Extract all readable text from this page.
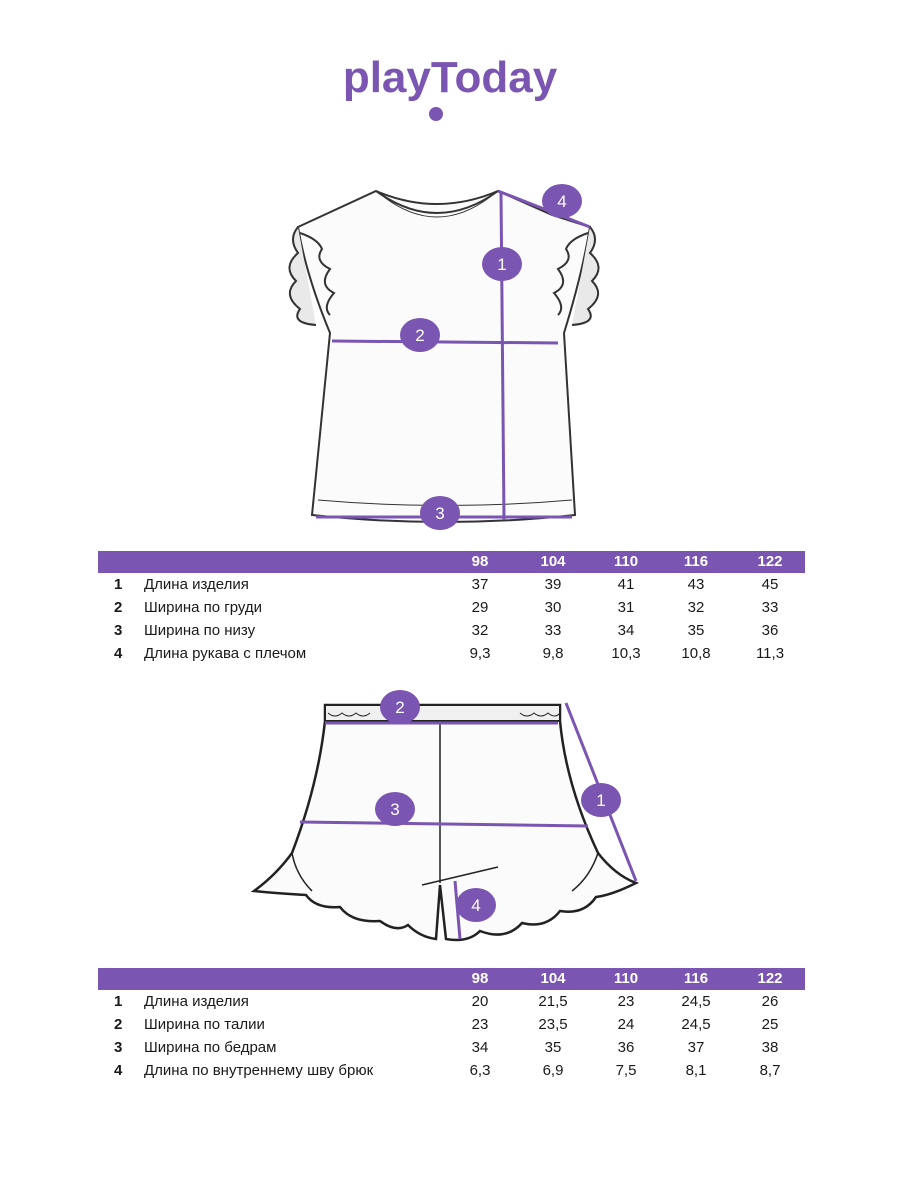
playToday
1
2
3
4
98	104	110	116	122
1 Длина изделия	37	39	41	43	45
2 Ширина по груди	29	30	31	32	33
3 Ширина по низу	32	33	34	35	36
4 Длина рукава с плечом	9,3	9,8	10,3	10,8	11,3
2
3	1
4
98	104	110	116	122
1 Длина изделия	20	21,5	23	24,5	26
2 Ширина по талии	23	23,5	24	24,5	25
3 Ширина по бедрам	34	35	36	37	38
4 Длина по внутреннему шву брюк	6,3	6,9	7,5	8,1	8,7
